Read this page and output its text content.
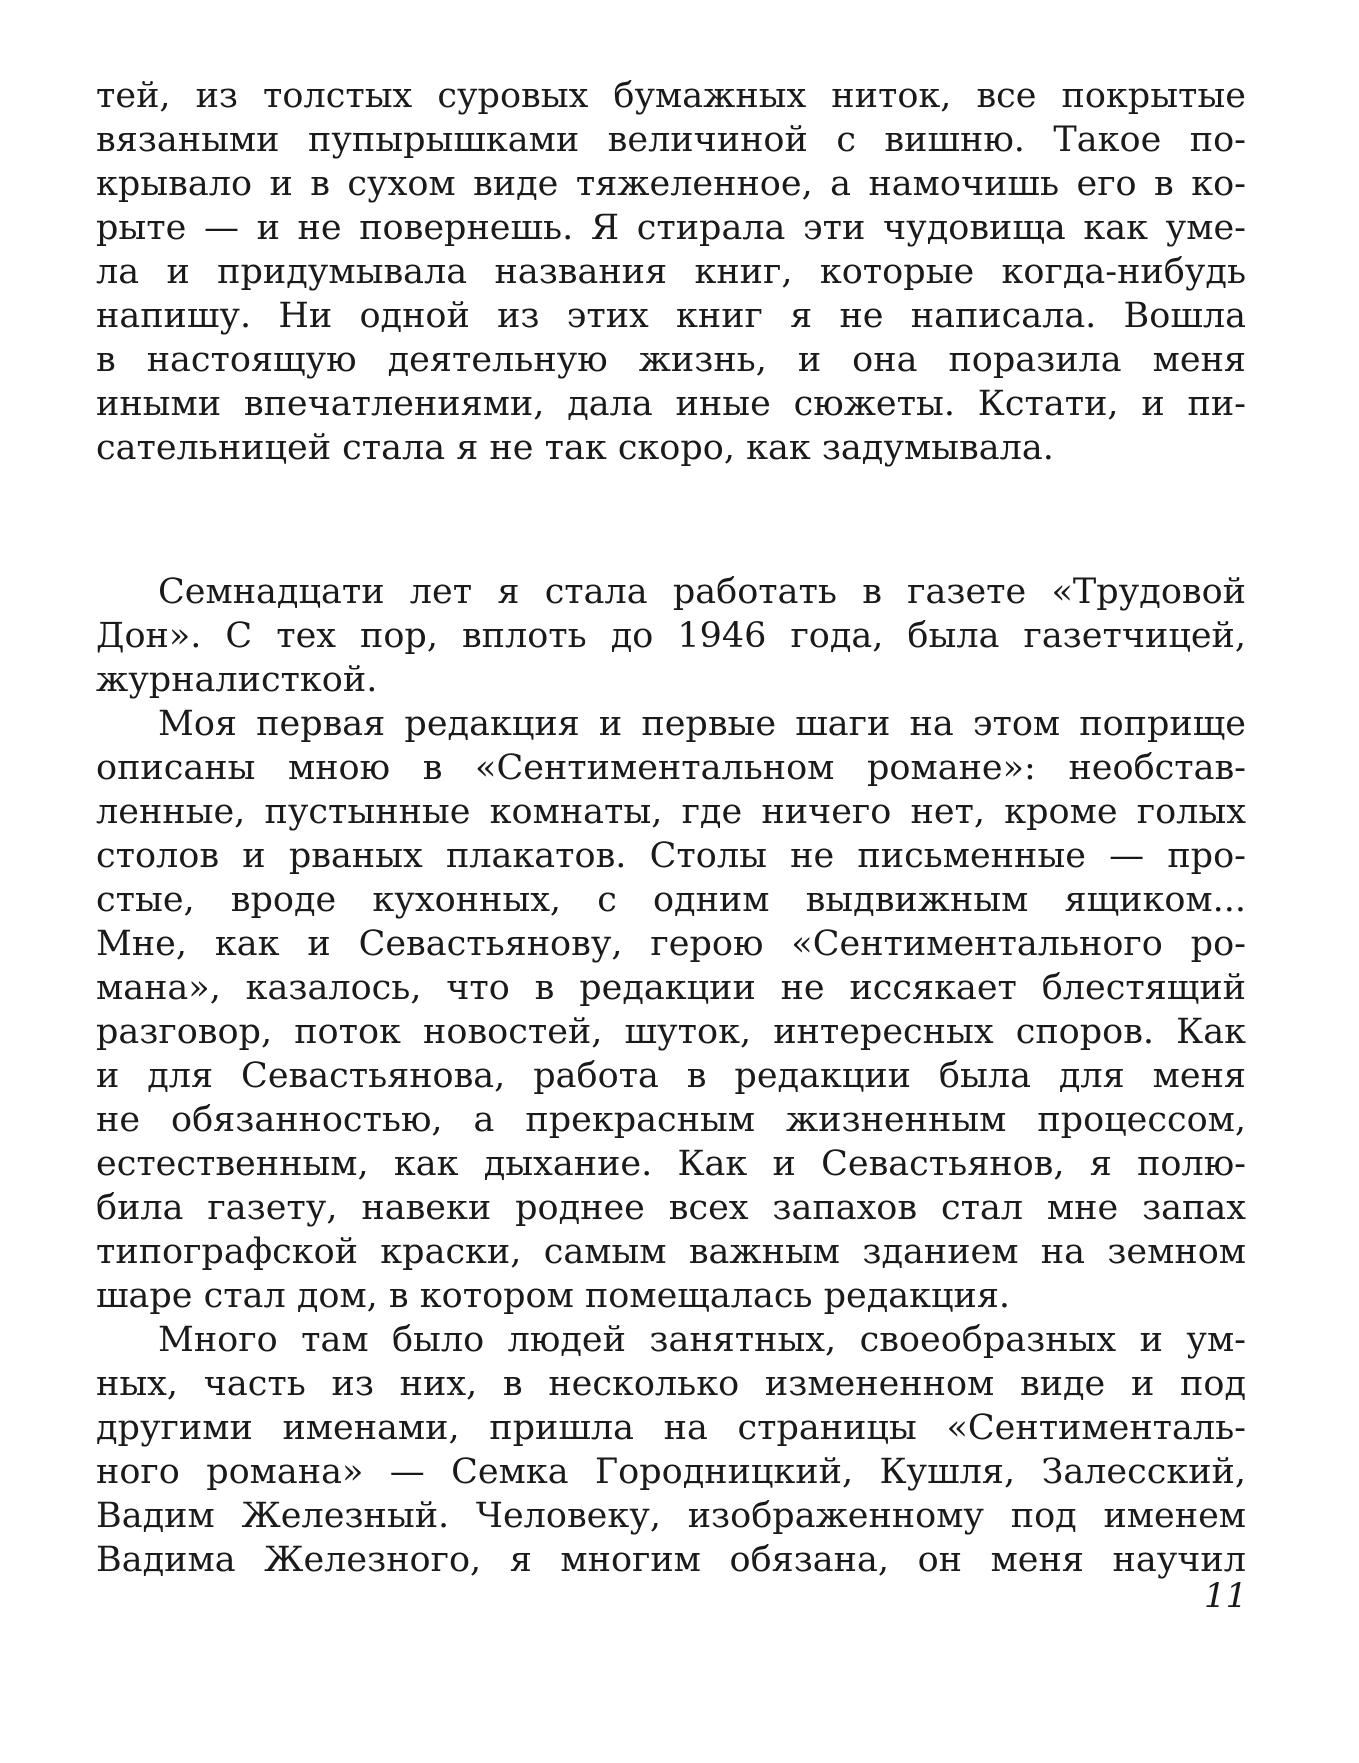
тей, из толстых суровых бумажных ниток, все покрытые
вязаными пупырышками величиной с вишню. Такое по-
крывало и в сухом виде тяжеленное, а намочишь его в ко-
рыте — и не повернешь. Я стирала эти чудовища как уме-
ла и придумывала названия книг, которые когда-нибудь
напишу. Ни одной из этих книг я не написала. Вошла
в настоящую деятельную жизнь, и она поразила меня
иными впечатлениями, дала иные сюжеты. Кстати, и пи-
сательницей стала я не так скоро, как задумывала.
Семнадцати лет я стала работать в газете «Трудовой
Дон». С тех пор, вплоть до 1946 года, была газетчицей,
журналисткой.
Моя первая редакция и первые шаги на этом поприще
описаны мною в «Сентиментальном романе»: необстав-
ленные, пустынные комнаты, где ничего нет, кроме голых
столов и рваных плакатов. Столы не письменные — про-
стые, вроде кухонных, с одним выдвижным ящиком...
Мне, как и Севастьянову, герою «Сентиментального ро-
мана», казалось, что в редакции не иссякает блестящий
разговор, поток новостей, шуток, интересных споров. Как
и для Севастьянова, работа в редакции была для меня
не обязанностью, а прекрасным жизненным процессом,
естественным, как дыхание. Как и Севастьянов, я полю-
била газету, навеки роднее всех запахов стал мне запах
типографской краски, самым важным зданием на земном
шаре стал дом, в котором помещалась редакция.
Много там было людей занятных, своеобразных и ум-
ных, часть из них, в несколько измененном виде и под
другими именами, пришла на страницы «Сентименталь-
ного романа» — Семка Городницкий, Кушля, Залесский,
Вадим Железный. Человеку, изображенному под именем
Вадима Железного, я многим обязана, он меня научил
11
